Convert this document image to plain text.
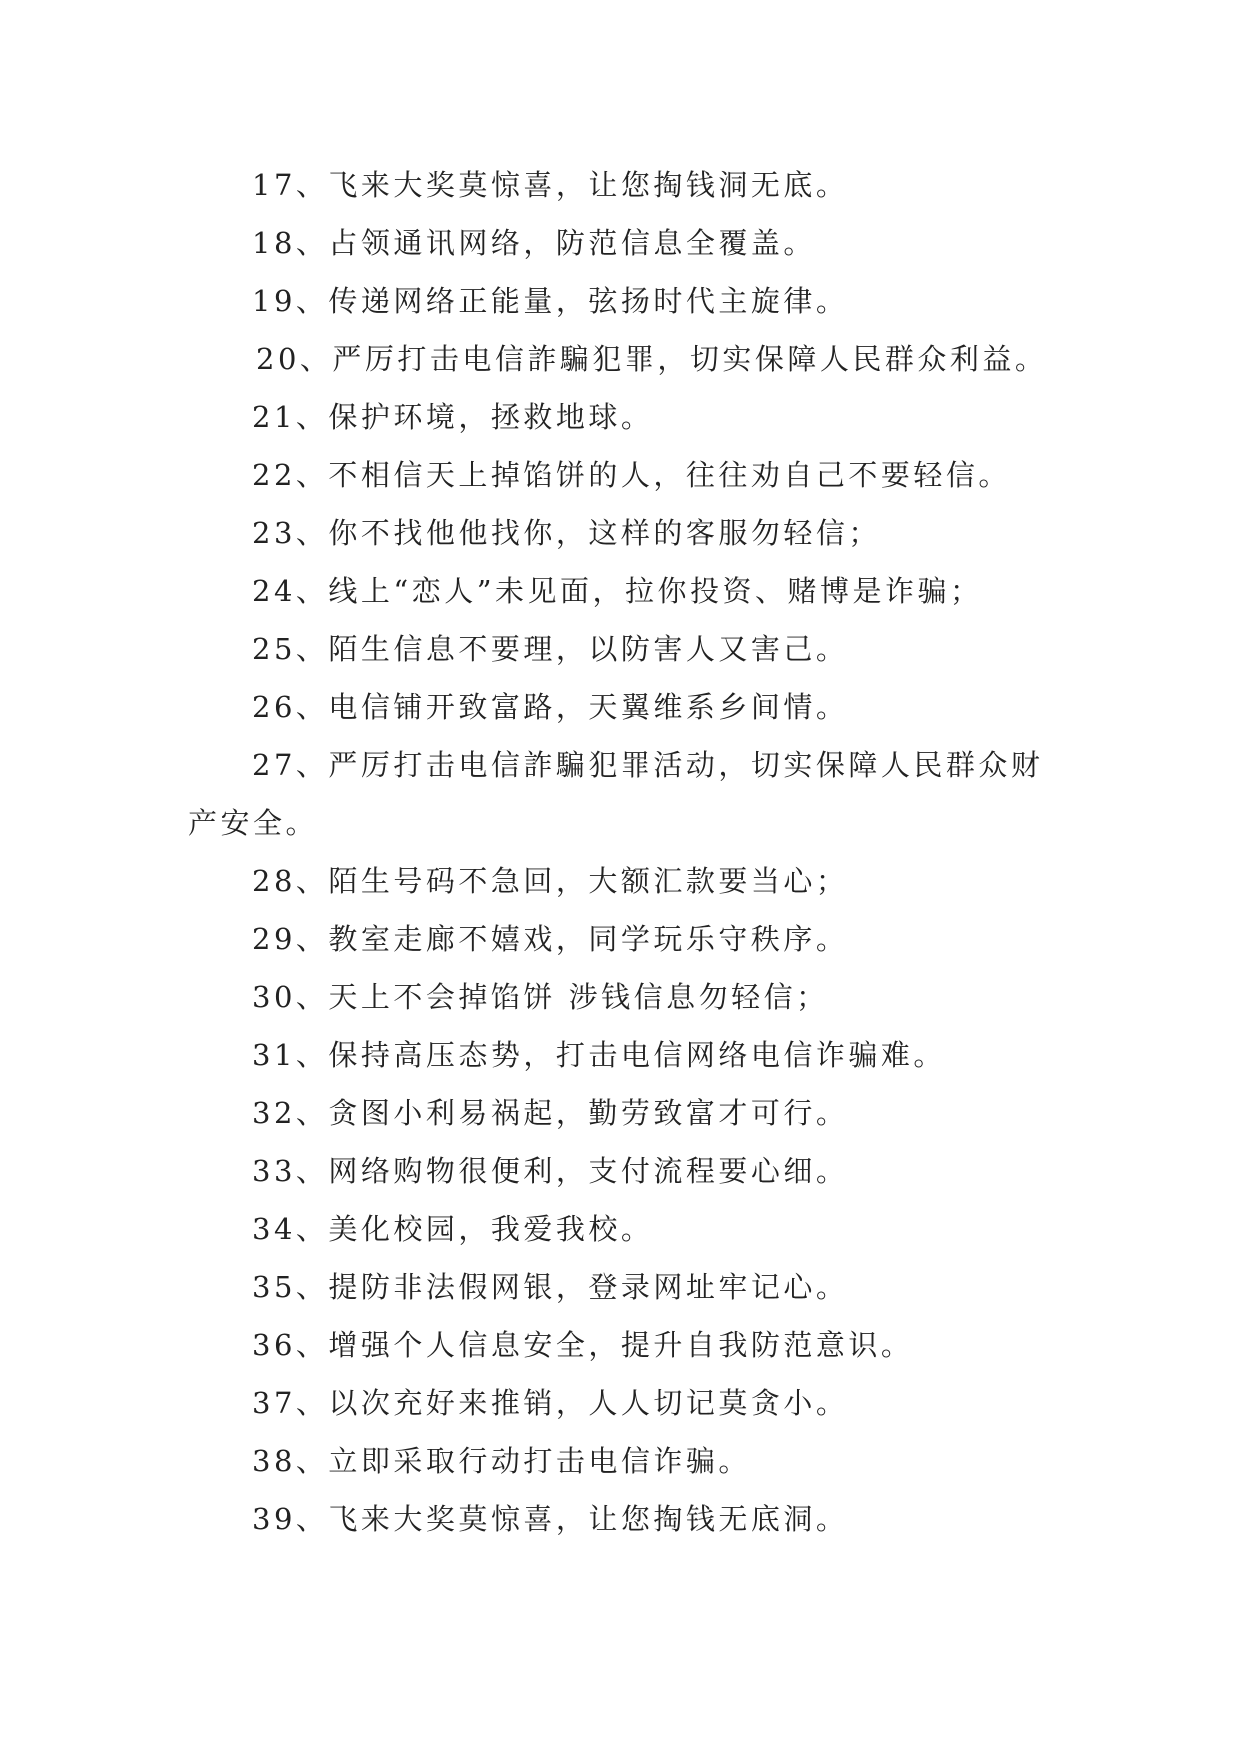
17、飞来大奖莫惊喜，让您掏钱洞无底。
18、占领通讯网络，防范信息全覆盖。
19、传递网络正能量，弦扬时代主旋律。
20、严厉打击电信詐騙犯罪，切实保障人民群众利益。
21、保护环境，拯救地球。
22、不相信天上掉馅饼的人，往往劝自己不要轻信。
23、你不找他他找你，这样的客服勿轻信；
24、线上“恋人”未见面，拉你投资、赌博是诈骗；
25、陌生信息不要理，以防害人又害己。
26、电信铺开致富路，天翼维系乡间情。
27、严厉打击电信詐騙犯罪活动，切实保障人民群众财
产安全。
28、陌生号码不急回，大额汇款要当心；
29、教室走廊不嬉戏，同学玩乐守秩序。
30、天上不会掉馅饼 涉钱信息勿轻信；
31、保持高压态势，打击电信网络电信诈骗难。
32、贪图小利易祸起，勤劳致富才可行。
33、网络购物很便利，支付流程要心细。
34、美化校园，我爱我校。
35、提防非法假网银，登录网址牢记心。
36、增强个人信息安全，提升自我防范意识。
37、以次充好来推销，人人切记莫贪小。
38、立即采取行动打击电信诈骗。
39、飞来大奖莫惊喜，让您掏钱无底洞。
